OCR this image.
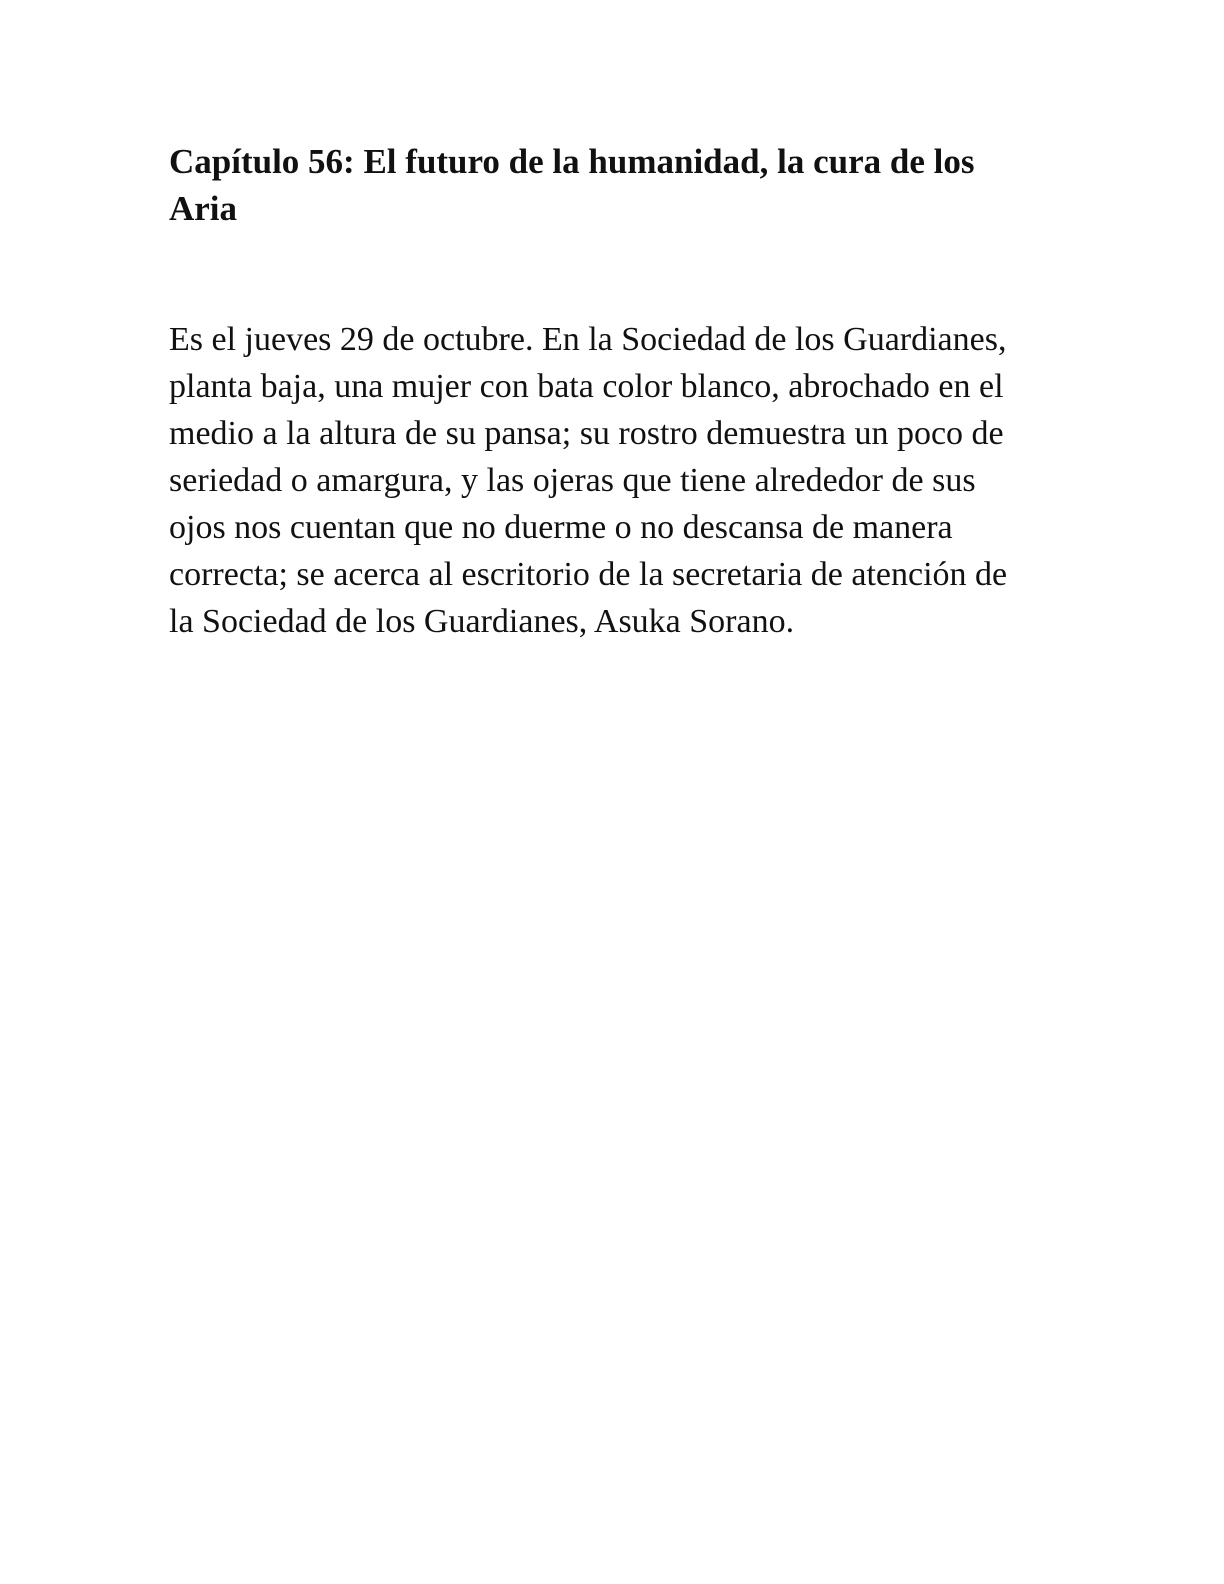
Capítulo 56: El futuro de la humanidad, la cura de los Aria

Es el jueves 29 de octubre. En la Sociedad de los Guardianes, planta baja, una mujer con bata color blanco, abrochado en el medio a la altura de su pansa; su rostro demuestra un poco de seriedad o amargura, y las ojeras que tiene alrededor de sus ojos nos cuentan que no duerme o no descansa de manera correcta; se acerca al escritorio de la secretaria de atención de la Sociedad de los Guardianes, Asuka Sorano.
